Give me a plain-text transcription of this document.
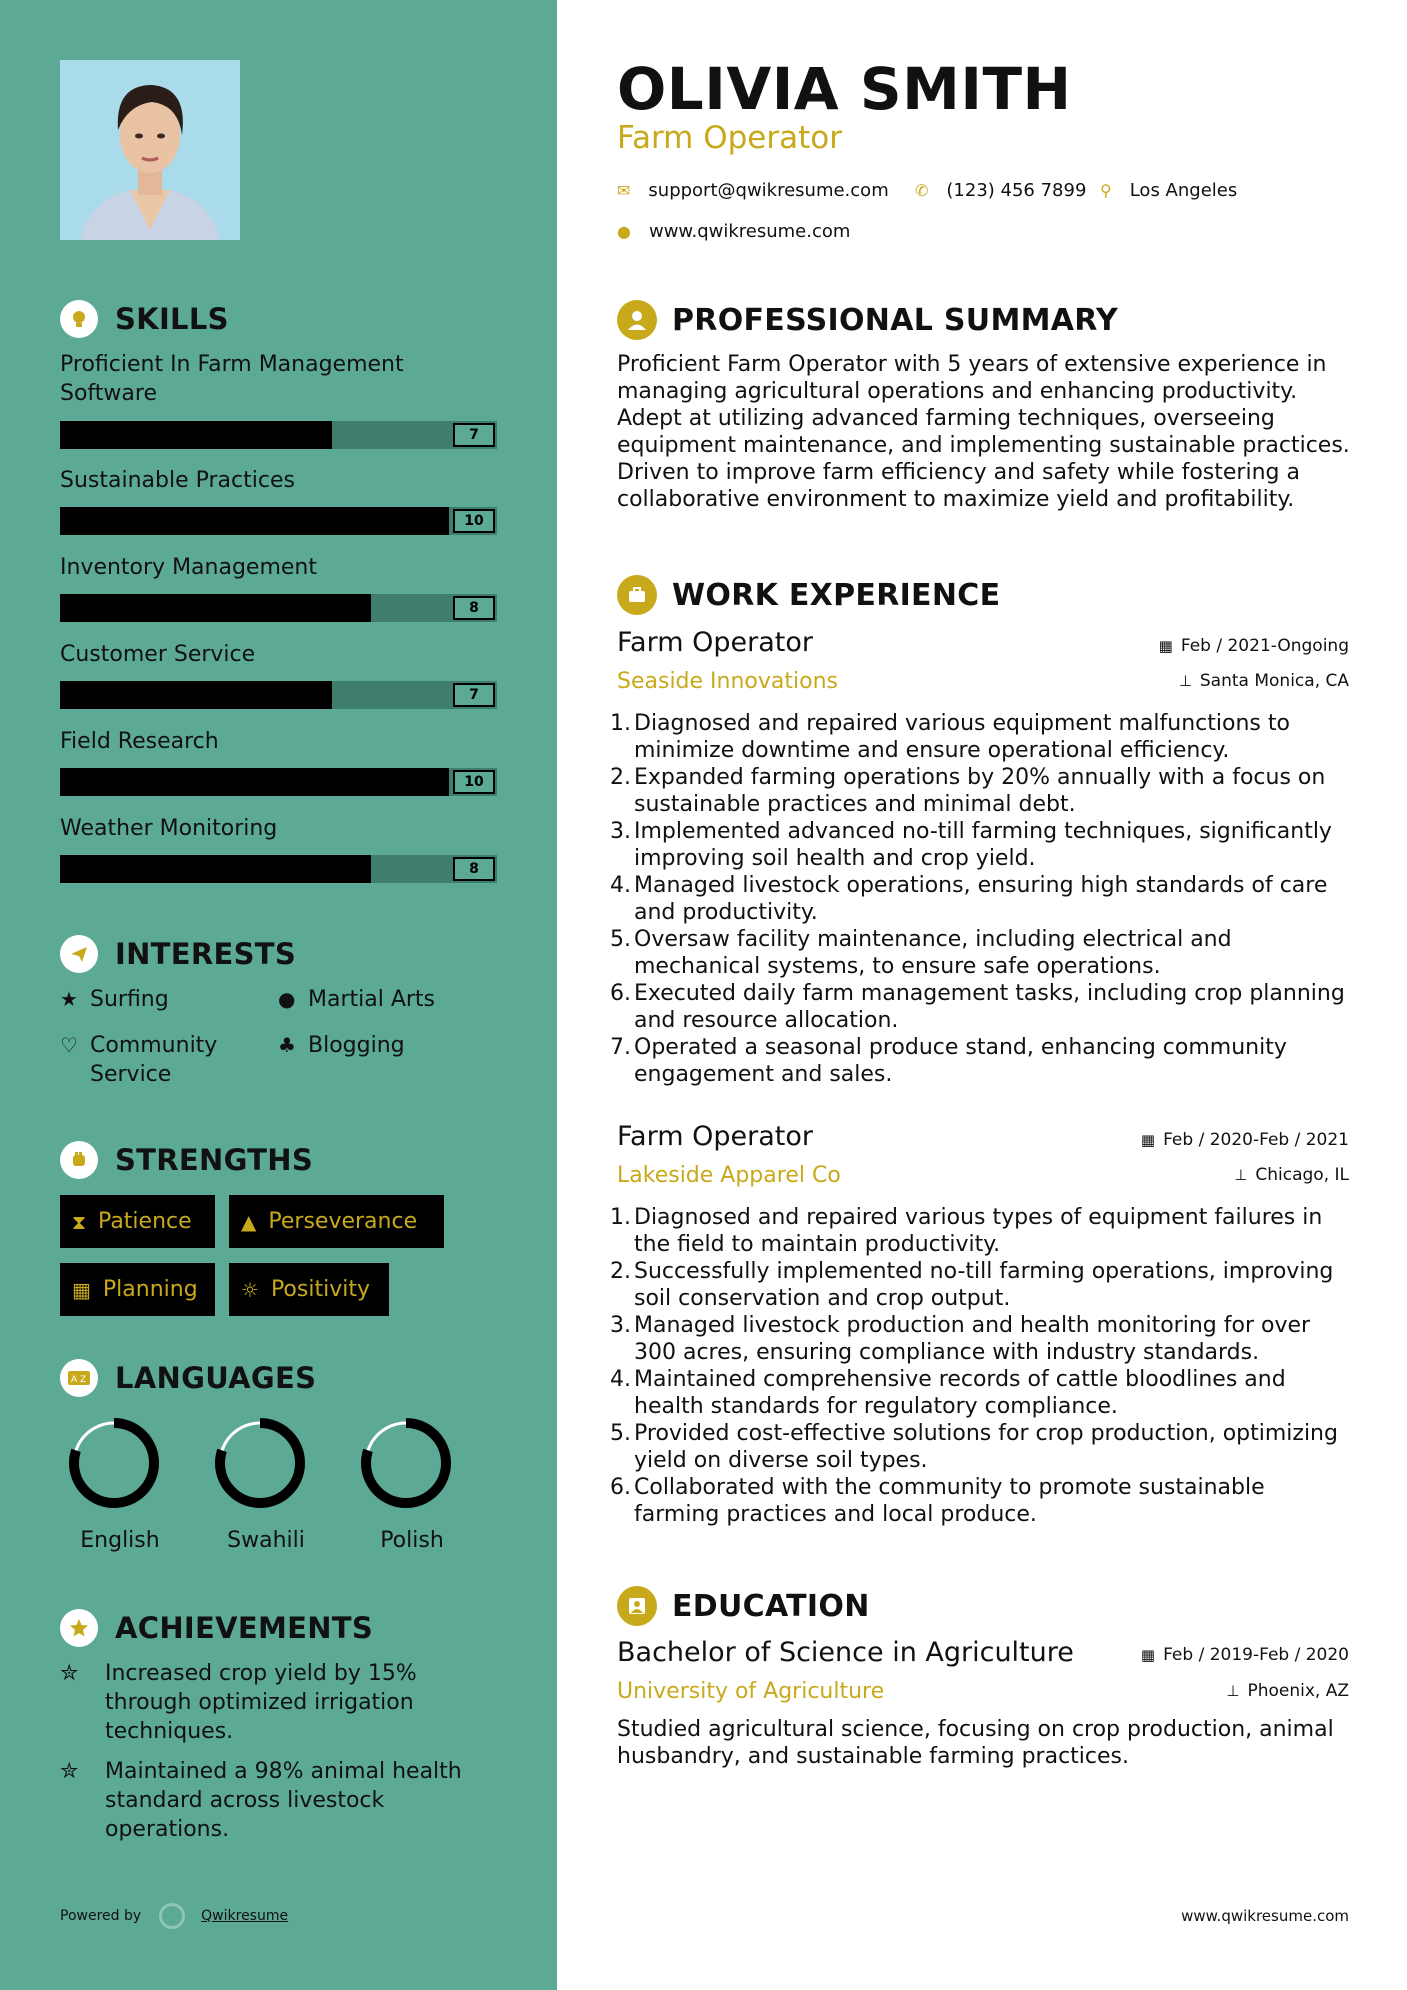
SKILLS
Proficient In Farm Management Software
7
Sustainable Practices
10
Inventory Management
8
Customer Service
7
Field Research
10
Weather Monitoring
8
INTERESTS
★ Surfing	● Martial Arts
♡ Community Service
♣ Blogging
STRENGTHS
⧗ Patience ▲ Perseverance
▦ Planning ☼ Positivity
A Z LANGUAGES
English	Swahili	Polish
ACHIEVEMENTS
✮	Increased crop yield by 15% through optimized irrigation techniques.
✮	Maintained a 98% animal health standard across livestock operations.
Powered by	Qwikresume
OLIVIA SMITH
Farm Operator
✉ support@qwikresume.com ✆ (123) 456 7899 ⚲ Los Angeles
● www.qwikresume.com
PROFESSIONAL SUMMARY
Proficient Farm Operator with 5 years of extensive experience in managing agricultural operations and enhancing productivity. Adept at utilizing advanced farming techniques, overseeing equipment maintenance, and implementing sustainable practices. Driven to improve farm efficiency and safety while fostering a collaborative environment to maximize yield and profitability.
WORK EXPERIENCE
Farm Operator	▦ Feb / 2021-Ongoing
Seaside Innovations	⊥ Santa Monica, CA
1. Diagnosed and repaired various equipment malfunctions to minimize downtime and ensure operational efficiency.
2. Expanded farming operations by 20% annually with a focus on sustainable practices and minimal debt.
3. Implemented advanced no-till farming techniques, significantly improving soil health and crop yield.
4. Managed livestock operations, ensuring high standards of care and productivity.
5. Oversaw facility maintenance, including electrical and mechanical systems, to ensure safe operations.
6. Executed daily farm management tasks, including crop planning and resource allocation.
7. Operated a seasonal produce stand, enhancing community engagement and sales.
Farm Operator	▦ Feb / 2020-Feb / 2021
Lakeside Apparel Co	⊥ Chicago, IL
1. Diagnosed and repaired various types of equipment failures in the field to maintain productivity.
2. Successfully implemented no-till farming operations, improving soil conservation and crop output.
3. Managed livestock production and health monitoring for over 300 acres, ensuring compliance with industry standards.
4. Maintained comprehensive records of cattle bloodlines and health standards for regulatory compliance.
5. Provided cost-effective solutions for crop production, optimizing yield on diverse soil types.
6. Collaborated with the community to promote sustainable farming practices and local produce.
EDUCATION
Bachelor of Science in Agriculture	▦ Feb / 2019-Feb / 2020
University of Agriculture	⊥ Phoenix, AZ
Studied agricultural science, focusing on crop production, animal husbandry, and sustainable farming practices.
www.qwikresume.com
